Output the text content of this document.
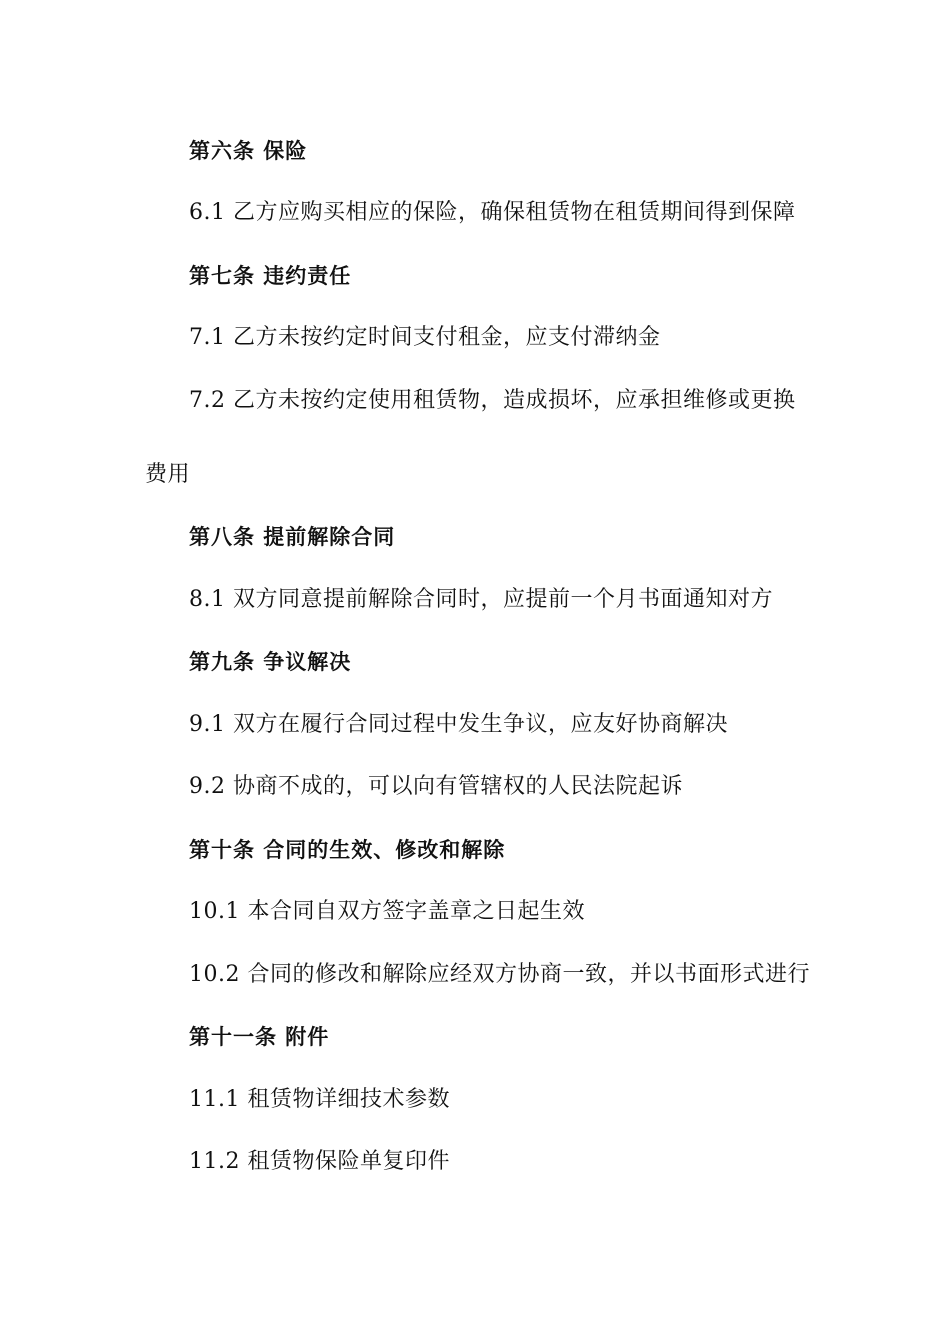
第六条 保险
6.1 乙方应购买相应的保险，确保租赁物在租赁期间得到保障
第七条 违约责任
7.1 乙方未按约定时间支付租金，应支付滞纳金
7.2 乙方未按约定使用租赁物，造成损坏，应承担维修或更换
费用
第八条 提前解除合同
8.1 双方同意提前解除合同时，应提前一个月书面通知对方
第九条 争议解决
9.1 双方在履行合同过程中发生争议，应友好协商解决
9.2 协商不成的，可以向有管辖权的人民法院起诉
第十条 合同的生效、修改和解除
10.1 本合同自双方签字盖章之日起生效
10.2 合同的修改和解除应经双方协商一致，并以书面形式进行
第十一条 附件
11.1 租赁物详细技术参数
11.2 租赁物保险单复印件
